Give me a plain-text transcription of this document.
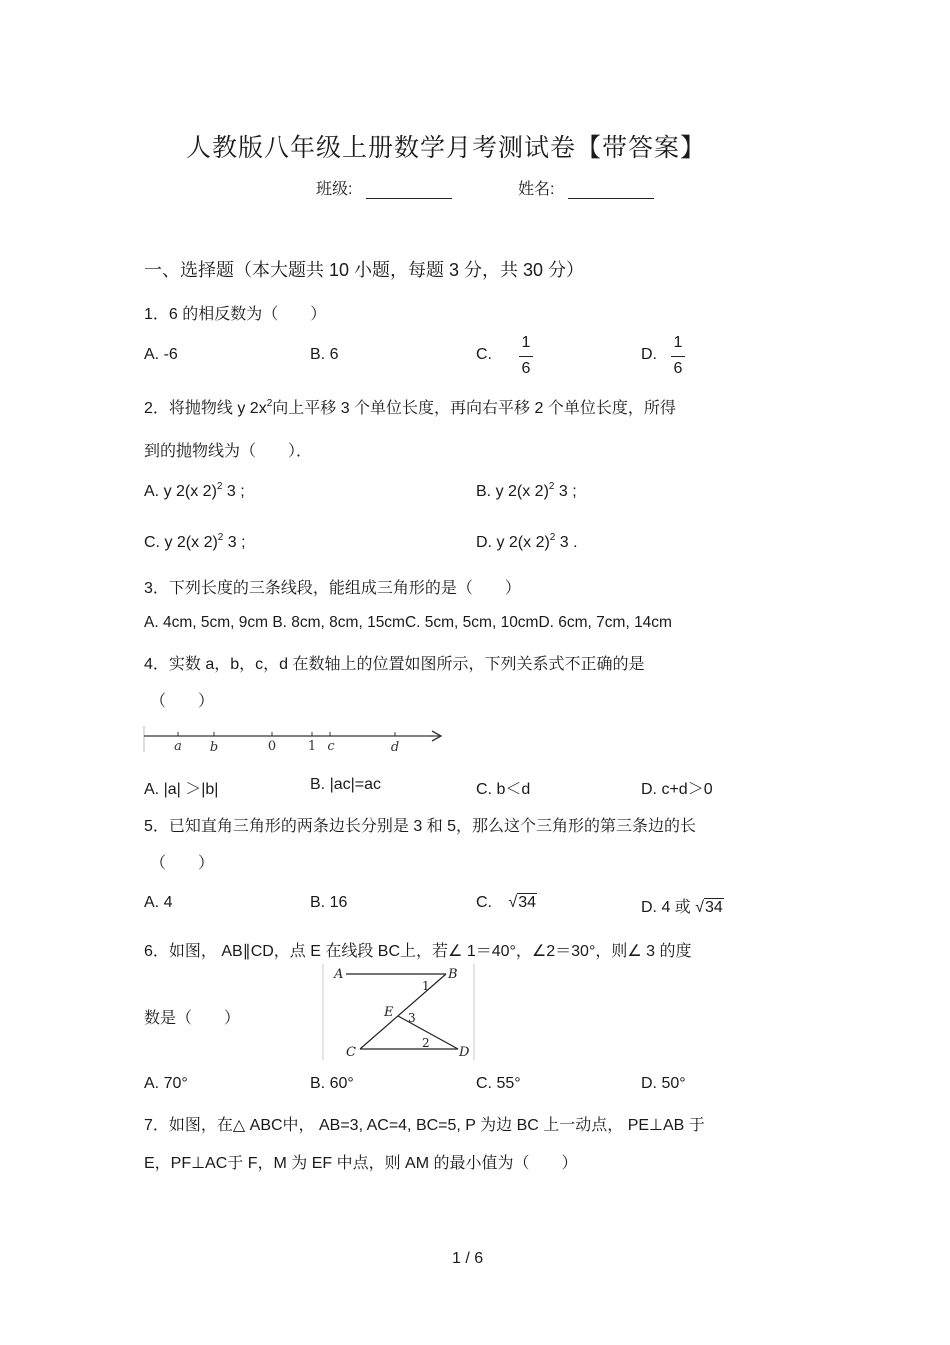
人教版八年级上册数学月考测试卷【带答案】
班级:	姓名:
一、选择题（本大题共 10 小题，每题 3 分，共 30 分）
1．6 的相反数为（　　）
A. -6	B. 6	C.
1
6
D.
1
6
2．将抛物线 y $2x^2$向上平移 3 个单位长度，再向右平移 2 个单位长度，所得
到的抛物线为（　　）．
A. y 2(x 2)$^2$ 3 ;	B. y 2(x 2)$^2$ 3 ;
C. y 2(x 2)$^2$ 3 ;	D. y 2(x 2)$^2$ 3 .
3．下列长度的三条线段，能组成三角形的是（　　）
A. 4cm, 5cm, 9cm B. 8cm, 8cm, 15cmC. 5cm, 5cm, 10cmD. 6cm, 7cm, 14cm
4．实数 a，b，c，d 在数轴上的位置如图所示，下列关系式不正确的是
（　　）
a b	0 1 c	d
A. |a| ＞|b|	B. |ac|=ac	C. b＜d	D. c+d＞0
5．已知直角三角形的两条边长分别是 3 和 5，那么这个三角形的第三条边的长
（　　）
A. 4	B. 16	C. √34	D. 4 或 √34
6．如图， AB∥CD，点 E 在线段 BC上，若∠ 1＝40°，∠2＝30°，则∠ 3 的度
数是（　　）
A	B
C	D
E
1
2
3
A. 70°	B. 60°	C. 55°	D. 50°
7．如图，在△ ABC中， AB=3, AC=4, BC=5, P 为边 BC 上一动点， PE⊥AB 于
E，PF⊥AC于 F，M 为 EF 中点，则 AM 的最小值为（　　）
1 / 6
